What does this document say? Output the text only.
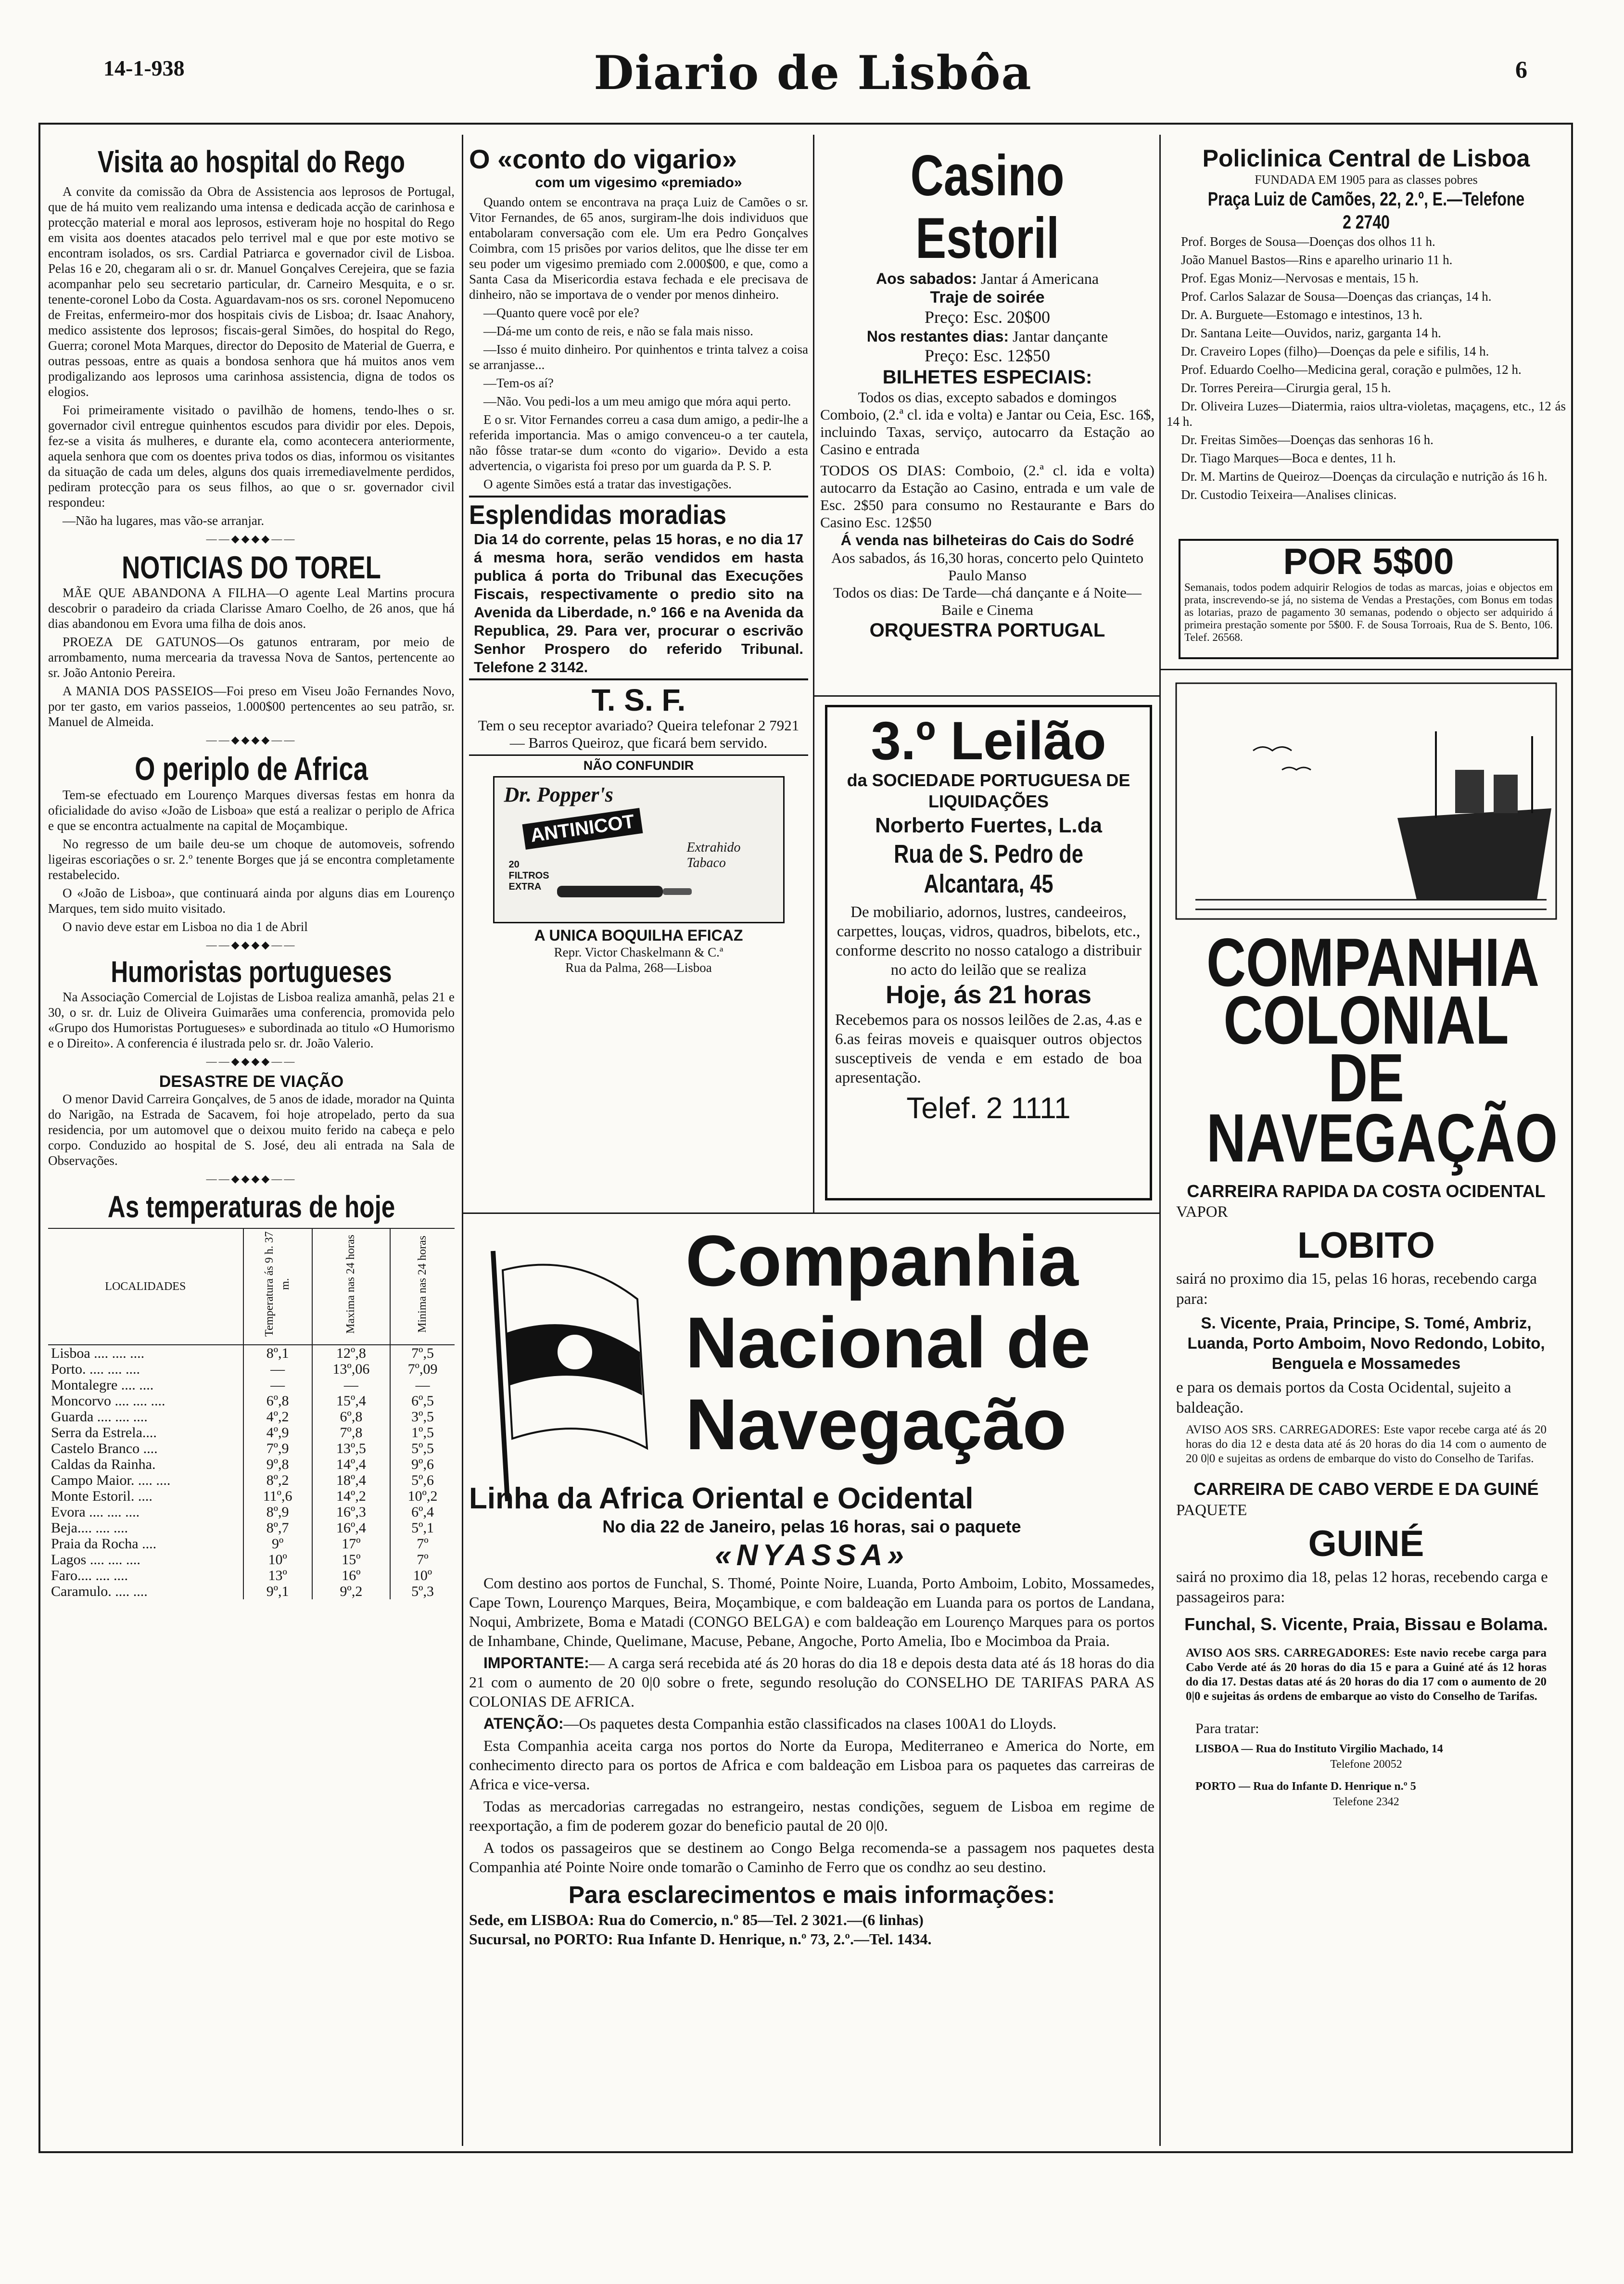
14-1-938	Diario de Lisbôa	6
Visita ao hospital do Rego

A convite da comissão da Obra de Assistencia aos leprosos de Portugal, que de há muito vem realizando uma intensa e dedicada acção de carinhosa e protecção material e moral aos leprosos, estiveram hoje no hospital do Rego em visita aos doentes atacados pelo terrivel mal e que por este motivo se encontram isolados, os srs. Cardial Patriarca e governador civil de Lisboa. Pelas 16 e 20, chegaram ali o sr. dr. Manuel Gonçalves Cerejeira, que se fazia acompanhar pelo seu secretario particular, dr. Carneiro Mesquita, e o sr. tenente-coronel Lobo da Costa. Aguardavam-nos os srs. coronel Nepomuceno de Freitas, enfermeiro-mor dos hospitais civis de Lisboa; dr. Isaac Anahory, medico assistente dos leprosos; fiscais-geral Simões, do hospital do Rego, Guerra; coronel Mota Marques, director do Deposito de Material de Guerra, e outras pessoas, entre as quais a bondosa senhora que há muitos anos vem prodigalizando aos leprosos uma carinhosa assistencia, digna de todos os elogios.

Foi primeiramente visitado o pavilhão de homens, tendo-lhes o sr. governador civil entregue quinhentos escudos para dividir por eles. Depois, fez-se a visita ás mulheres, e durante ela, como acontecera anteriormente, aquela senhora que com os doentes priva todos os dias, informou os visitantes da situação de cada um deles, alguns dos quais irremediavelmente perdidos, pediram protecção para os seus filhos, ao que o sr. governador civil respondeu:

—Não ha lugares, mas vão-se arranjar.

——◆◆◆◆——
NOTICIAS DO TOREL

MÃE QUE ABANDONA A FILHA—O agente Leal Martins procura descobrir o paradeiro da criada Clarisse Amaro Coelho, de 26 anos, que há dias abandonou em Evora uma filha de dois anos.

PROEZA DE GATUNOS—Os gatunos entraram, por meio de arrombamento, numa mercearia da travessa Nova de Santos, pertencente ao sr. João Antonio Pereira.

A MANIA DOS PASSEIOS—Foi preso em Viseu João Fernandes Novo, por ter gasto, em varios passeios, 1.000$00 pertencentes ao seu patrão, sr. Manuel de Almeida.

——◆◆◆◆——
O periplo de Africa

Tem-se efectuado em Lourenço Marques diversas festas em honra da oficialidade do aviso «João de Lisboa» que está a realizar o periplo de Africa e que se encontra actualmente na capital de Moçambique.

No regresso de um baile deu-se um choque de automoveis, sofrendo ligeiras escoriações o sr. 2.º tenente Borges que já se encontra completamente restabelecido.

O «João de Lisboa», que continuará ainda por alguns dias em Lourenço Marques, tem sido muito visitado.

O navio deve estar em Lisboa no dia 1 de Abril

——◆◆◆◆——
Humoristas portugueses

Na Associação Comercial de Lojistas de Lisboa realiza amanhã, pelas 21 e 30, o sr. dr. Luiz de Oliveira Guimarães uma conferencia, promovida pelo «Grupo dos Humoristas Portugueses» e subordinada ao titulo «O Humorismo e o Direito». A conferencia é ilustrada pelo sr. dr. João Valerio.

——◆◆◆◆——
DESASTRE DE VIAÇÃO

O menor David Carreira Gonçalves, de 5 anos de idade, morador na Quinta do Narigão, na Estrada de Sacavem, foi hoje atropelado, perto da sua residencia, por um automovel que o deixou muito ferido na cabeça e pelo corpo. Conduzido ao hospital de S. José, deu ali entrada na Sala de Observações.

——◆◆◆◆——
As temperaturas de hoje
LOCALIDADES	Temperatura ás 9 h. 37 m.	Maxima nas 24 horas	Minima nas 24 horas
Lisboa .... .... ....	8º,1	12º,8	7º,5
Porto. .... .... ....	—	13º,06	7º,09
Montalegre .... ....	—	—	—
Moncorvo .... .... ....	6º,8	15º,4	6º,5
Guarda .... .... ....	4º,2	6º,8	3º,5
Serra da Estrela....	4º,9	7º,8	1º,5
Castelo Branco ....	7º,9	13º,5	5º,5
Caldas da Rainha.	9º,8	14º,4	9º,6
Campo Maior. .... ....	8º,2	18º,4	5º,6
Monte Estoril. ....	11º,6	14º,2	10º,2
Evora .... .... ....	8º,9	16º,3	6º,4
Beja.... .... ....	8º,7	16º,4	5º,1
Praia da Rocha ....	9º	17º	7º
Lagos .... .... ....	10º	15º	7º
Faro.... .... ....	13º	16º	10º
Caramulo. .... ....	9º,1	9º,2	5º,3
O «conto do vigario»
com um vigesimo «premiado»

Quando ontem se encontrava na praça Luiz de Camões o sr. Vitor Fernandes, de 65 anos, surgiram-lhe dois individuos que entabolaram conversação com ele. Um era Pedro Gonçalves Coimbra, com 15 prisões por varios delitos, que lhe disse ter em seu poder um vigesimo premiado com 2.000$00, e que, como a Santa Casa da Misericordia estava fechada e ele precisava de dinheiro, não se importava de o vender por menos dinheiro.

—Quanto quere você por ele?

—Dá-me um conto de reis, e não se fala mais nisso.

—Isso é muito dinheiro. Por quinhentos e trinta talvez a coisa se arranjasse...

—Tem-os aí?

—Não. Vou pedi-los a um meu amigo que móra aqui perto.

E o sr. Vitor Fernandes correu a casa dum amigo, a pedir-lhe a referida importancia. Mas o amigo convenceu-o a ter cautela, não fôsse tratar-se dum «conto do vigario». Devido a esta advertencia, o vigarista foi preso por um guarda da P. S. P.

O agente Simões está a tratar das investigações.

Esplendidas moradias
Dia 14 do corrente, pelas 15 horas, e no dia 17 á mesma hora, serão vendidos em hasta publica á porta do Tribunal das Execuções Fiscais, respectivamente o predio sito na Avenida da Liberdade, n.º 166 e na Avenida da Republica, 29. Para ver, procurar o escrivão Senhor Prospero do referido Tribunal. Telefone 2 3142.
T. S. F.
Tem o seu receptor avariado? Queira telefonar 2 7921 — Barros Queiroz, que ficará bem servido.
NÃO CONFUNDIR
Dr. Popper's
ANTINICOT
20 FILTROS EXTRA
Extrahido Tabaco
A UNICA BOQUILHA EFICAZ
Repr. Victor Chaskelmann & C.ª
Rua da Palma, 268—Lisboa
Casino Estoril
Aos sabados: Jantar á Americana
Traje de soirée
Preço: Esc. 20$00
Nos restantes dias: Jantar dançante
Preço: Esc. 12$50
BILHETES ESPECIAIS:
Todos os dias, excepto sabados e domingos
Comboio, (2.ª cl. ida e volta) e Jantar ou Ceia, Esc. 16$, incluindo Taxas, serviço, autocarro da Estação ao Casino e entrada
TODOS OS DIAS: Comboio, (2.ª cl. ida e volta) autocarro da Estação ao Casino, entrada e um vale de Esc. 2$50 para consumo no Restaurante e Bars do Casino Esc. 12$50
Á venda nas bilheteiras do Cais do Sodré
Aos sabados, ás 16,30 horas, concerto pelo Quinteto Paulo Manso
Todos os dias: De Tarde—chá dançante e á Noite—Baile e Cinema
ORQUESTRA PORTUGAL
3.º Leilão
da SOCIEDADE PORTUGUESA DE LIQUIDAÇÕES
Norberto Fuertes, L.da
Rua de S. Pedro de Alcantara, 45
De mobiliario, adornos, lustres, candeeiros, carpettes, louças, vidros, quadros, bibelots, etc., conforme descrito no nosso catalogo a distribuir no acto do leilão que se realiza
Hoje, ás 21 horas
Recebemos para os nossos leilões de 2.as, 4.as e 6.as feiras moveis e quaisquer outros objectos susceptiveis de venda e em estado de boa apresentação.
Telef. 2 1111
Policlinica Central de Lisboa
FUNDADA EM 1905 para as classes pobres
Praça Luiz de Camões, 22, 2.º, E.—Telefone 2 2740

Prof. Borges de Sousa—Doenças dos olhos 11 h.

João Manuel Bastos—Rins e aparelho urinario 11 h.

Prof. Egas Moniz—Nervosas e mentais, 15 h.

Prof. Carlos Salazar de Sousa—Doenças das crianças, 14 h.

Dr. A. Burguete—Estomago e intestinos, 13 h.

Dr. Santana Leite—Ouvidos, nariz, garganta 14 h.

Dr. Craveiro Lopes (filho)—Doenças da pele e sifilis, 14 h.

Prof. Eduardo Coelho—Medicina geral, coração e pulmões, 12 h.

Dr. Torres Pereira—Cirurgia geral, 15 h.

Dr. Oliveira Luzes—Diatermia, raios ultra-violetas, maçagens, etc., 12 ás 14 h.

Dr. Freitas Simões—Doenças das senhoras 16 h.

Dr. Tiago Marques—Boca e dentes, 11 h.

Dr. M. Martins de Queiroz—Doenças da circulação e nutrição ás 16 h.

Dr. Custodio Teixeira—Analises clinicas.

POR 5$00
Semanais, todos podem adquirir Relogios de todas as marcas, joias e objectos em prata, inscrevendo-se já, no sistema de Vendas a Prestações, com Bonus em todas as lotarias, prazo de pagamento 30 semanas, podendo o objecto ser adquirido á primeira prestação somente por 5$00. F. de Sousa Torroais, Rua de S. Bento, 106. Telef. 26568.
COMPANHIA
COLONIAL DE
NAVEGAÇÃO
CARREIRA RAPIDA DA COSTA OCIDENTAL
VAPOR
LOBITO
sairá no proximo dia 15, pelas 16 horas, recebendo carga para:
S. Vicente, Praia, Principe, S. Tomé, Ambriz, Luanda, Porto Amboim, Novo Redondo, Lobito, Benguela e Mossamedes
e para os demais portos da Costa Ocidental, sujeito a baldeação.
AVISO AOS SRS. CARREGADORES: Este vapor recebe carga até ás 20 horas do dia 12 e desta data até ás 20 horas do dia 14 com o aumento de 20 0|0 e sujeitas as ordens de embarque do visto do Conselho de Tarifas.
CARREIRA DE CABO VERDE E DA GUINÉ
PAQUETE
GUINÉ
sairá no proximo dia 18, pelas 12 horas, recebendo carga e passageiros para:
Funchal, S. Vicente, Praia, Bissau e Bolama.
AVISO AOS SRS. CARREGADORES: Este navio recebe carga para Cabo Verde até ás 20 horas do dia 15 e para a Guiné até ás 12 horas do dia 17. Destas datas até ás 20 horas do dia 17 com o aumento de 20 0|0 e sujeitas ás ordens de embarque ao visto do Conselho de Tarifas.
Para tratar:
LISBOA — Rua do Instituto Virgilio Machado, 14
Telefone 20052
PORTO — Rua do Infante D. Henrique n.º 5
Telefone 2342
Companhia
Nacional de
Navegação
Linha da Africa Oriental e Ocidental
No dia 22 de Janeiro, pelas 16 horas, sai o paquete
«NYASSA»

Com destino aos portos de Funchal, S. Thomé, Pointe Noire, Luanda, Porto Amboim, Lobito, Mossamedes, Cape Town, Lourenço Marques, Beira, Moçambique, e com baldeação em Luanda para os portos de Landana, Noqui, Ambrizete, Boma e Matadi (CONGO BELGA) e com baldeação em Lourenço Marques para os portos de Inhambane, Chinde, Quelimane, Macuse, Pebane, Angoche, Porto Amelia, Ibo e Mocimboa da Praia.

IMPORTANTE:— A carga será recebida até ás 20 horas do dia 18 e depois desta data até ás 18 horas do dia 21 com o aumento de 20 0|0 sobre o frete, segundo resolução do CONSELHO DE TARIFAS PARA AS COLONIAS DE AFRICA.

ATENÇÃO:—Os paquetes desta Companhia estão classificados na clases 100A1 do Lloyds.

Esta Companhia aceita carga nos portos do Norte da Europa, Mediterraneo e America do Norte, em conhecimento directo para os portos de Africa e com baldeação em Lisboa para os paquetes das carreiras de Africa e vice-versa.

Todas as mercadorias carregadas no estrangeiro, nestas condições, seguem de Lisboa em regime de reexportação, a fim de poderem gozar do beneficio pautal de 20 0|0.

A todos os passageiros que se destinem ao Congo Belga recomenda-se a passagem nos paquetes desta Companhia até Pointe Noire onde tomarão o Caminho de Ferro que os condhz ao seu destino.

Para esclarecimentos e mais informações:
Sede, em LISBOA: Rua do Comercio, n.º 85—Tel. 2 3021.—(6 linhas)
Sucursal, no PORTO: Rua Infante D. Henrique, n.º 73, 2.º.—Tel. 1434.
